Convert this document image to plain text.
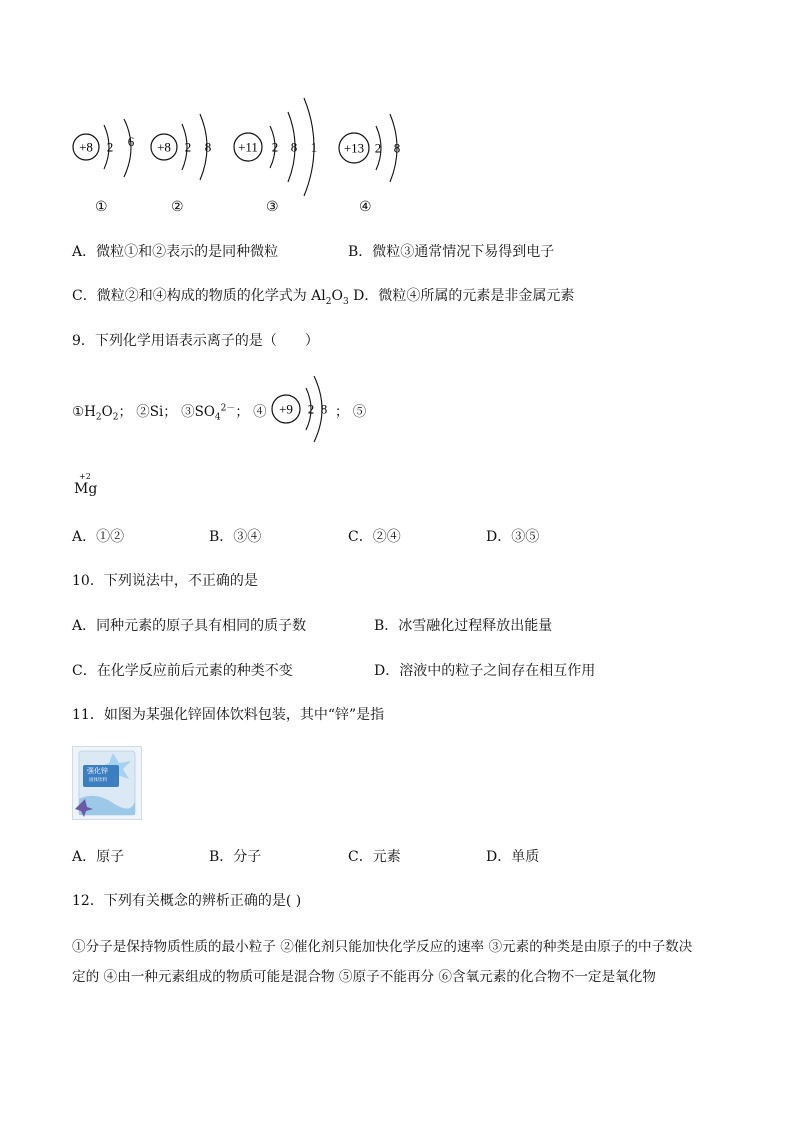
+8 2 6 +8 2 8 +11 2 8 1 +13 2 8
①	②	③	④
A．微粒①和②表示的是同种微粒	B．微粒③通常情况下易得到电子
C．微粒②和④构成的物质的化学式为 $Al_2O_3$ D．微粒④所属的元素是非金属元素
9．下列化学用语表示离子的是（　　）
$①H_2O_2$； ②Si； $③SO_4^{2-}$； ④ +9 2 8 ； ⑤
+2
Mg
A．①②	B．③④	C．②④	D．③⑤
10．下列说法中，不正确的是
A．同种元素的原子具有相同的质子数	B．冰雪融化过程释放出能量
C．在化学反应前后元素的种类不变	D．溶液中的粒子之间存在相互作用
11．如图为某强化锌固体饮料包装，其中“锌”是指
强化锌
固体饮料
A．原子	B．分子	C．元素	D．单质
12．下列有关概念的辨析正确的是( )
①分子是保持物质性质的最小粒子 ②催化剂只能加快化学反应的速率 ③元素的种类是由原子的中子数决
定的 ④由一种元素组成的物质可能是混合物 ⑤原子不能再分 ⑥含氧元素的化合物不一定是氧化物
